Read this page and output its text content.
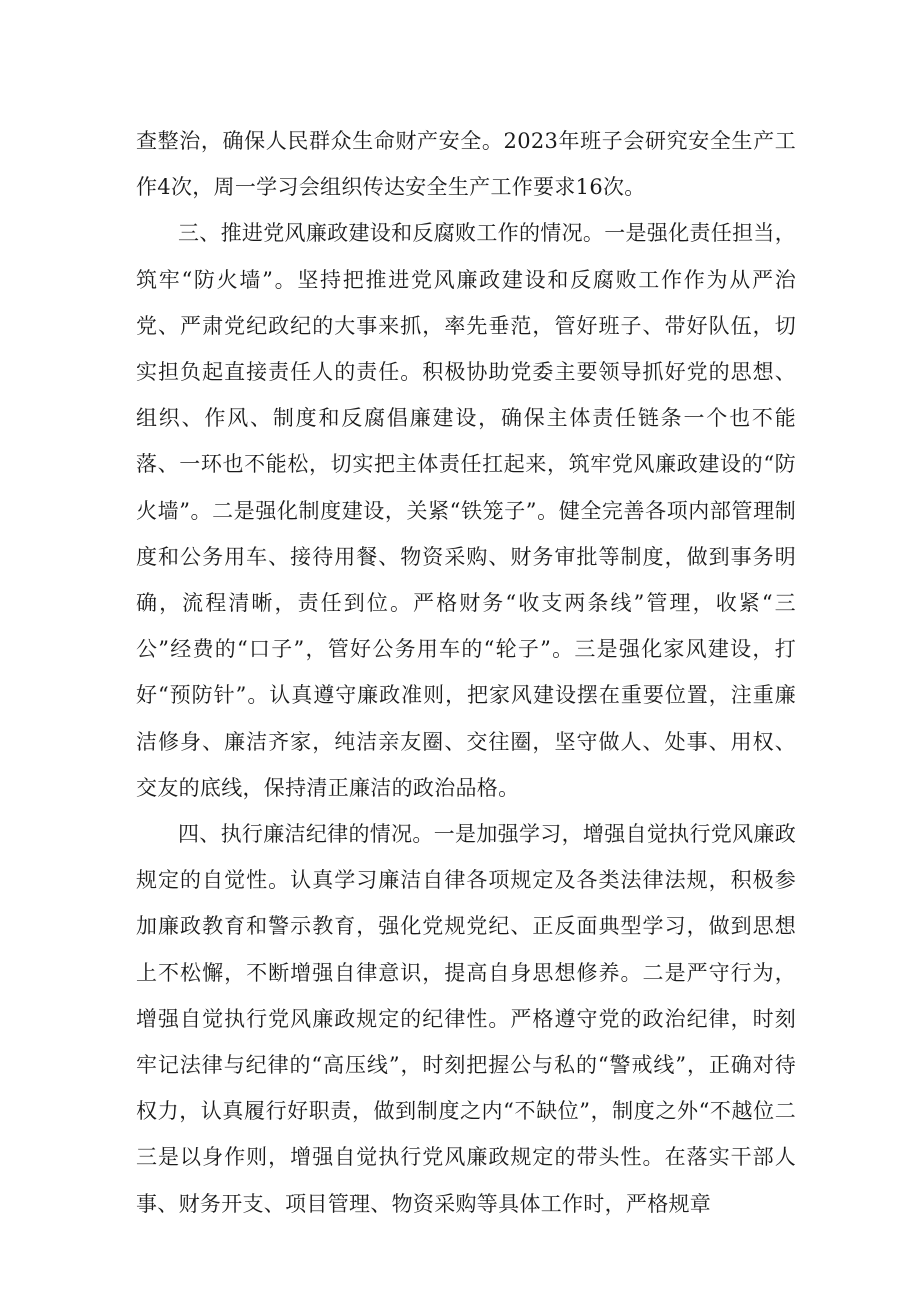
查整治，确保人民群众生命财产安全。2023年班子会研究安全生产工作4次，周一学习会组织传达安全生产工作要求16次。

三、推进党风廉政建设和反腐败工作的情况。一是强化责任担当，筑牢“防火墙”。坚持把推进党风廉政建设和反腐败工作作为从严治党、严肃党纪政纪的大事来抓，率先垂范，管好班子、带好队伍，切实担负起直接责任人的责任。积极协助党委主要领导抓好党的思想、组织、作风、制度和反腐倡廉建设，确保主体责任链条一个也不能落、一环也不能松，切实把主体责任扛起来，筑牢党风廉政建设的“防火墙”。二是强化制度建设，关紧“铁笼子”。健全完善各项内部管理制度和公务用车、接待用餐、物资采购、财务审批等制度，做到事务明确，流程清晰，责任到位。严格财务“收支两条线”管理，收紧“三公”经费的“口子”，管好公务用车的“轮子”。三是强化家风建设，打好“预防针”。认真遵守廉政准则，把家风建设摆在重要位置，注重廉洁修身、廉洁齐家，纯洁亲友圈、交往圈，坚守做人、处事、用权、交友的底线，保持清正廉洁的政治品格。

四、执行廉洁纪律的情况。一是加强学习，增强自觉执行党风廉政规定的自觉性。认真学习廉洁自律各项规定及各类法律法规，积极参加廉政教育和警示教育，强化党规党纪、正反面典型学习，做到思想上不松懈，不断增强自律意识，提高自身思想修养。二是严守行为，增强自觉执行党风廉政规定的纪律性。严格遵守党的政治纪律，时刻牢记法律与纪律的“高压线”，时刻把握公与私的“警戒线”，正确对待权力，认真履行好职责，做到制度之内“不缺位”，制度之外“不越位二三是以身作则，增强自觉执行党风廉政规定的带头性。在落实干部人事、财务开支、项目管理、物资采购等具体工作时，严格规章
